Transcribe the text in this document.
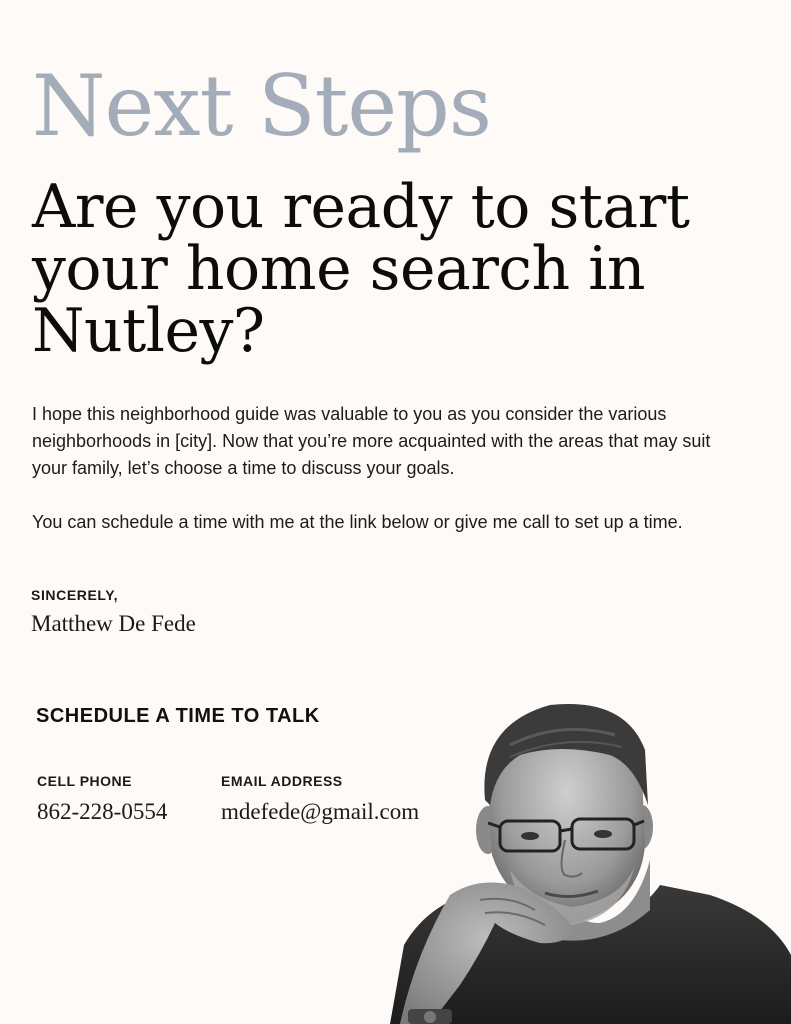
Next Steps
Are you ready to start your home search in Nutley?

I hope this neighborhood guide was valuable to you as you consider the various neighborhoods in [city]. Now that you’re more acquainted with the areas that may suit your family, let’s choose a time to discuss your goals.

You can schedule a time with me at the link below or give me call to set up a time.

SINCERELY,
Matthew De Fede
SCHEDULE A TIME TO TALK
CELL PHONE
862-228-0554
EMAIL ADDRESS
mdefede@gmail.com
